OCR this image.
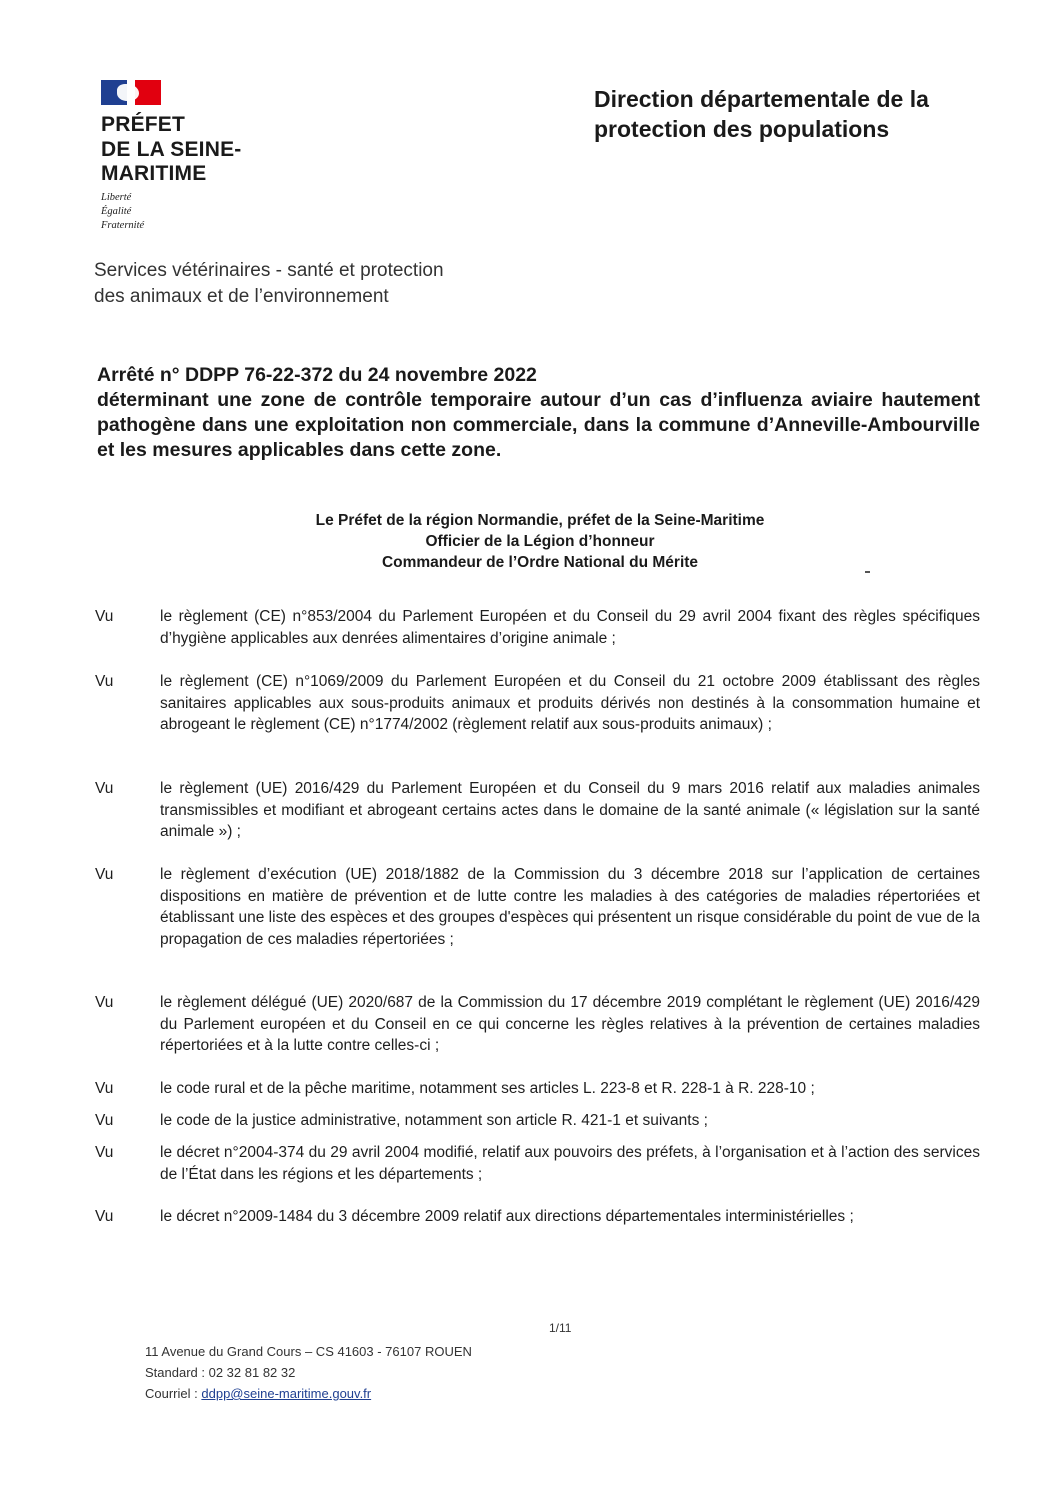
PRÉFET
DE LA SEINE-
MARITIME
Liberté
Égalité
Fraternité
Direction départementale de la
protection des populations
Services vétérinaires - santé et protection
des animaux et de l’environnement
Arrêté n° DDPP 76-22-372 du 24 novembre 2022
déterminant une zone de contrôle temporaire autour d’un cas d’influenza aviaire hautement pathogène dans une exploitation non commerciale, dans la commune d’Anneville-Ambourville et les mesures applicables dans cette zone.
Le Préfet de la région Normandie, préfet de la Seine-Maritime
Officier de la Légion d’honneur
Commandeur de l’Ordre National du Mérite
Vu	le règlement (CE) n°853/2004 du Parlement Européen et du Conseil du 29 avril 2004 fixant des règles spécifiques d’hygiène applicables aux denrées alimentaires d’origine animale ;
Vu	le règlement (CE) n°1069/2009 du Parlement Européen et du Conseil du 21 octobre 2009 établissant des règles sanitaires applicables aux sous-produits animaux et produits dérivés non destinés à la consommation humaine et abrogeant le règlement (CE) n°1774/2002 (règlement relatif aux sous-produits animaux) ;
Vu	le règlement (UE) 2016/429 du Parlement Européen et du Conseil du 9 mars 2016 relatif aux maladies animales transmissibles et modifiant et abrogeant certains actes dans le domaine de la santé animale (« législation sur la santé animale ») ;
Vu	le règlement d’exécution (UE) 2018/1882 de la Commission du 3 décembre 2018 sur l’application de certaines dispositions en matière de prévention et de lutte contre les maladies à des catégories de maladies répertoriées et établissant une liste des espèces et des groupes d'espèces qui présentent un risque considérable du point de vue de la propagation de ces maladies répertoriées ;
Vu	le règlement délégué (UE) 2020/687 de la Commission du 17 décembre 2019 complétant le règlement (UE) 2016/429 du Parlement européen et du Conseil en ce qui concerne les règles relatives à la prévention de certaines maladies répertoriées et à la lutte contre celles-ci ;
Vu	le code rural et de la pêche maritime, notamment ses articles L. 223-8 et R. 228-1 à R. 228-10 ;
Vu	le code de la justice administrative, notamment son article R. 421-1 et suivants ;
Vu	le décret n°2004-374 du 29 avril 2004 modifié, relatif aux pouvoirs des préfets, à l’organisation et à l’action des services de l’État dans les régions et les départements ;
Vu	le décret n°2009-1484 du 3 décembre 2009 relatif aux directions départementales interministérielles ;
1/11
11 Avenue du Grand Cours – CS 41603 - 76107 ROUEN
Standard : 02 32 81 82 32
Courriel : ddpp@seine-maritime.gouv.fr
